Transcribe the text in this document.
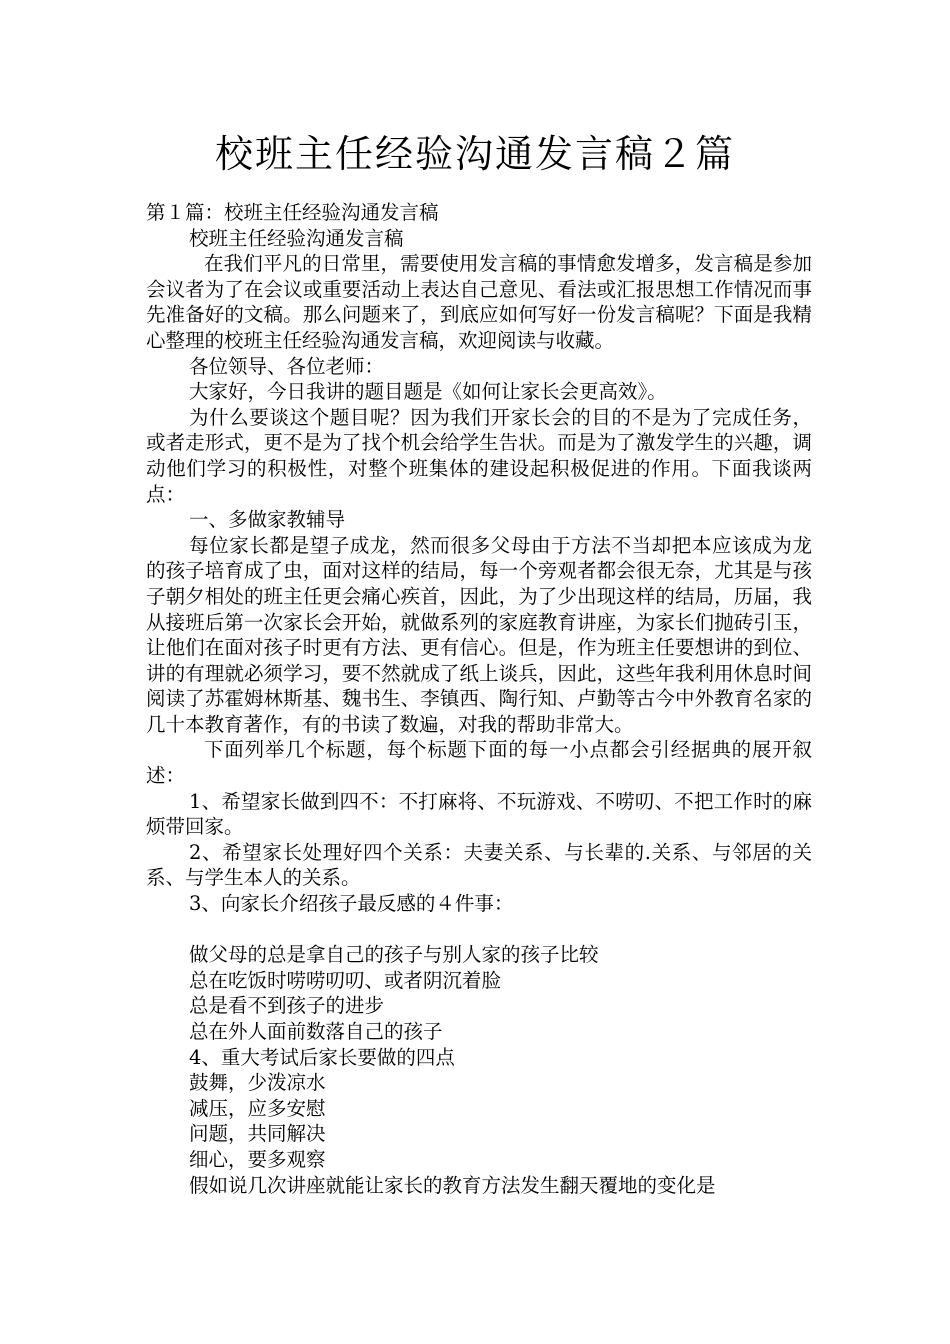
校班主任经验沟通发言稿２篇

第１篇：校班主任经验沟通发言稿

校班主任经验沟通发言稿

在我们平凡的日常里，需要使用发言稿的事情愈发增多，发言稿是参加会议者为了在会议或重要活动上表达自己意见、看法或汇报思想工作情况而事先准备好的文稿。那么问题来了，到底应如何写好一份发言稿呢？下面是我精心整理的校班主任经验沟通发言稿，欢迎阅读与收藏。

各位领导、各位老师：

大家好，今日我讲的题目题是《如何让家长会更高效》。

为什么要谈这个题目呢？因为我们开家长会的目的不是为了完成任务，或者走形式，更不是为了找个机会给学生告状。而是为了激发学生的兴趣，调动他们学习的积极性，对整个班集体的建设起积极促进的作用。下面我谈两点：

一、多做家教辅导

每位家长都是望子成龙，然而很多父母由于方法不当却把本应该成为龙的孩子培育成了虫，面对这样的结局，每一个旁观者都会很无奈，尤其是与孩子朝夕相处的班主任更会痛心疾首，因此，为了少出现这样的结局，历届，我从接班后第一次家长会开始，就做系列的家庭教育讲座，为家长们抛砖引玉，让他们在面对孩子时更有方法、更有信心。但是，作为班主任要想讲的到位、讲的有理就必须学习，要不然就成了纸上谈兵，因此，这些年我利用休息时间阅读了苏霍姆林斯基、魏书生、李镇西、陶行知、卢勤等古今中外教育名家的几十本教育著作，有的书读了数遍，对我的帮助非常大。

下面列举几个标题，每个标题下面的每一小点都会引经据典的展开叙述：

1、希望家长做到四不：不打麻将、不玩游戏、不唠叨、不把工作时的麻烦带回家。

2、希望家长处理好四个关系：夫妻关系、与长辈的.关系、与邻居的关系、与学生本人的关系。

3、向家长介绍孩子最反感的４件事：

做父母的总是拿自己的孩子与别人家的孩子比较

总在吃饭时唠唠叨叨、或者阴沉着脸

总是看不到孩子的进步

总在外人面前数落自己的孩子

4、重大考试后家长要做的四点

鼓舞，少泼凉水

减压，应多安慰

问题，共同解决

细心，要多观察

假如说几次讲座就能让家长的教育方法发生翻天覆地的变化是
